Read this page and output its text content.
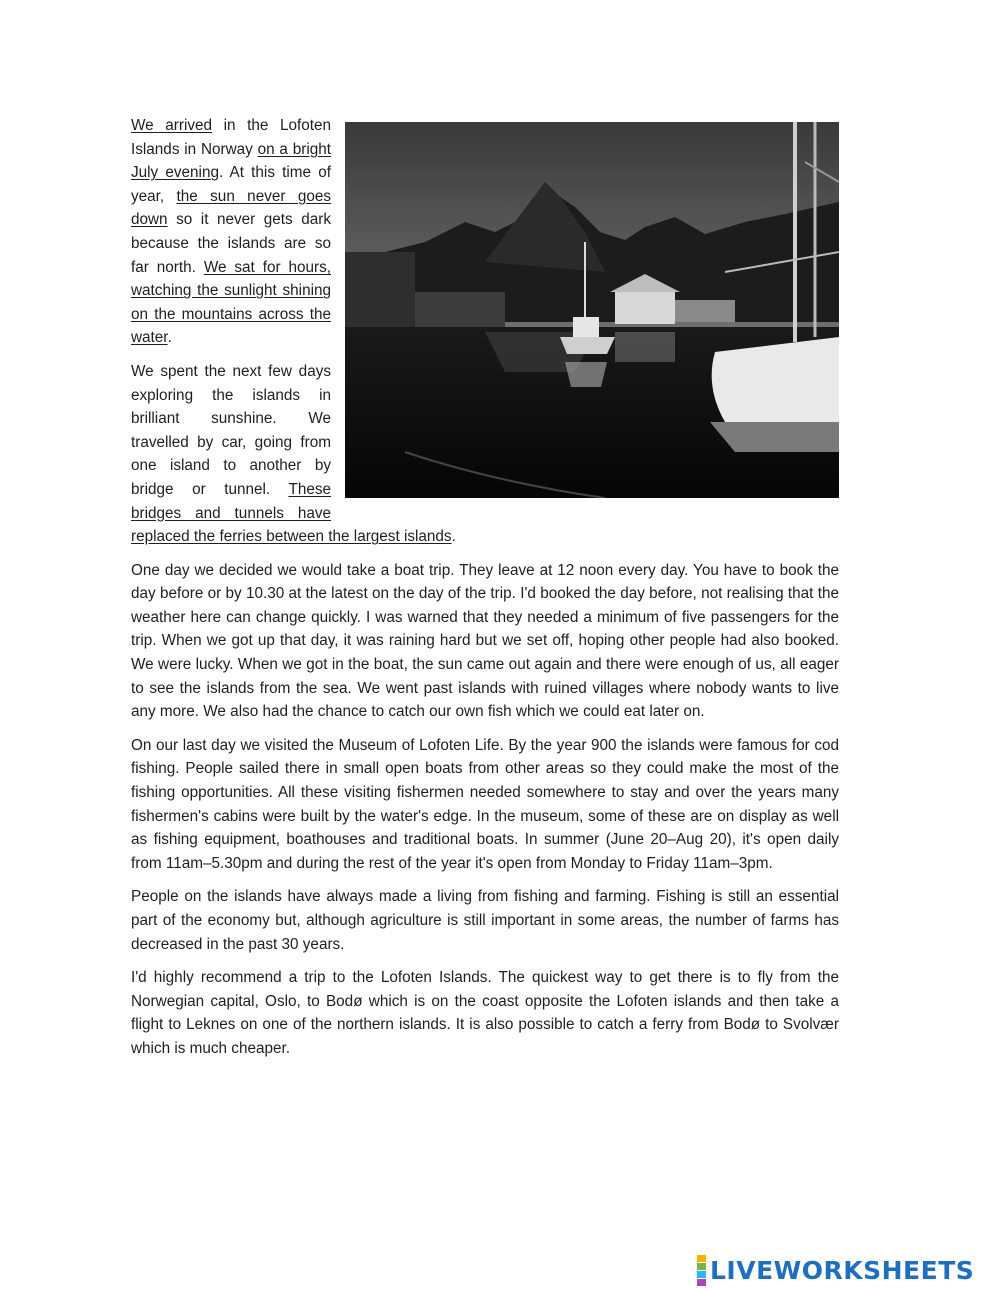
We arrived in the Lofoten Islands in Norway on a bright July evening. At this time of year, the sun never goes down so it never gets dark because the islands are so far north. We sat for hours, watching the sunlight shining on the mountains across the water.

We spent the next few days exploring the islands in brilliant sunshine. We travelled by car, going from one island to another by bridge or tunnel. These bridges and tunnels have replaced the ferries between the largest islands.

One day we decided we would take a boat trip. They leave at 12 noon every day. You have to book the day before or by 10.30 at the latest on the day of the trip. I'd booked the day before, not realising that the weather here can change quickly. I was warned that they needed a minimum of five passengers for the trip. When we got up that day, it was raining hard but we set off, hoping other people had also booked. We were lucky. When we got in the boat, the sun came out again and there were enough of us, all eager to see the islands from the sea. We went past islands with ruined villages where nobody wants to live any more. We also had the chance to catch our own fish which we could eat later on.

On our last day we visited the Museum of Lofoten Life. By the year 900 the islands were famous for cod fishing. People sailed there in small open boats from other areas so they could make the most of the fishing opportunities. All these visiting fishermen needed somewhere to stay and over the years many fishermen's cabins were built by the water's edge. In the museum, some of these are on display as well as fishing equipment, boathouses and traditional boats. In summer (June 20–Aug 20), it's open daily from 11am–5.30pm and during the rest of the year it's open from Monday to Friday 11am–3pm.

People on the islands have always made a living from fishing and farming. Fishing is still an essential part of the economy but, although agriculture is still important in some areas, the number of farms has decreased in the past 30 years.

I'd highly recommend a trip to the Lofoten Islands. The quickest way to get there is to fly from the Norwegian capital, Oslo, to Bodø which is on the coast opposite the Lofoten islands and then take a flight to Leknes on one of the northern islands. It is also possible to catch a ferry from Bodø to Svolvær which is much cheaper.

LIVEWORKSHEETS
